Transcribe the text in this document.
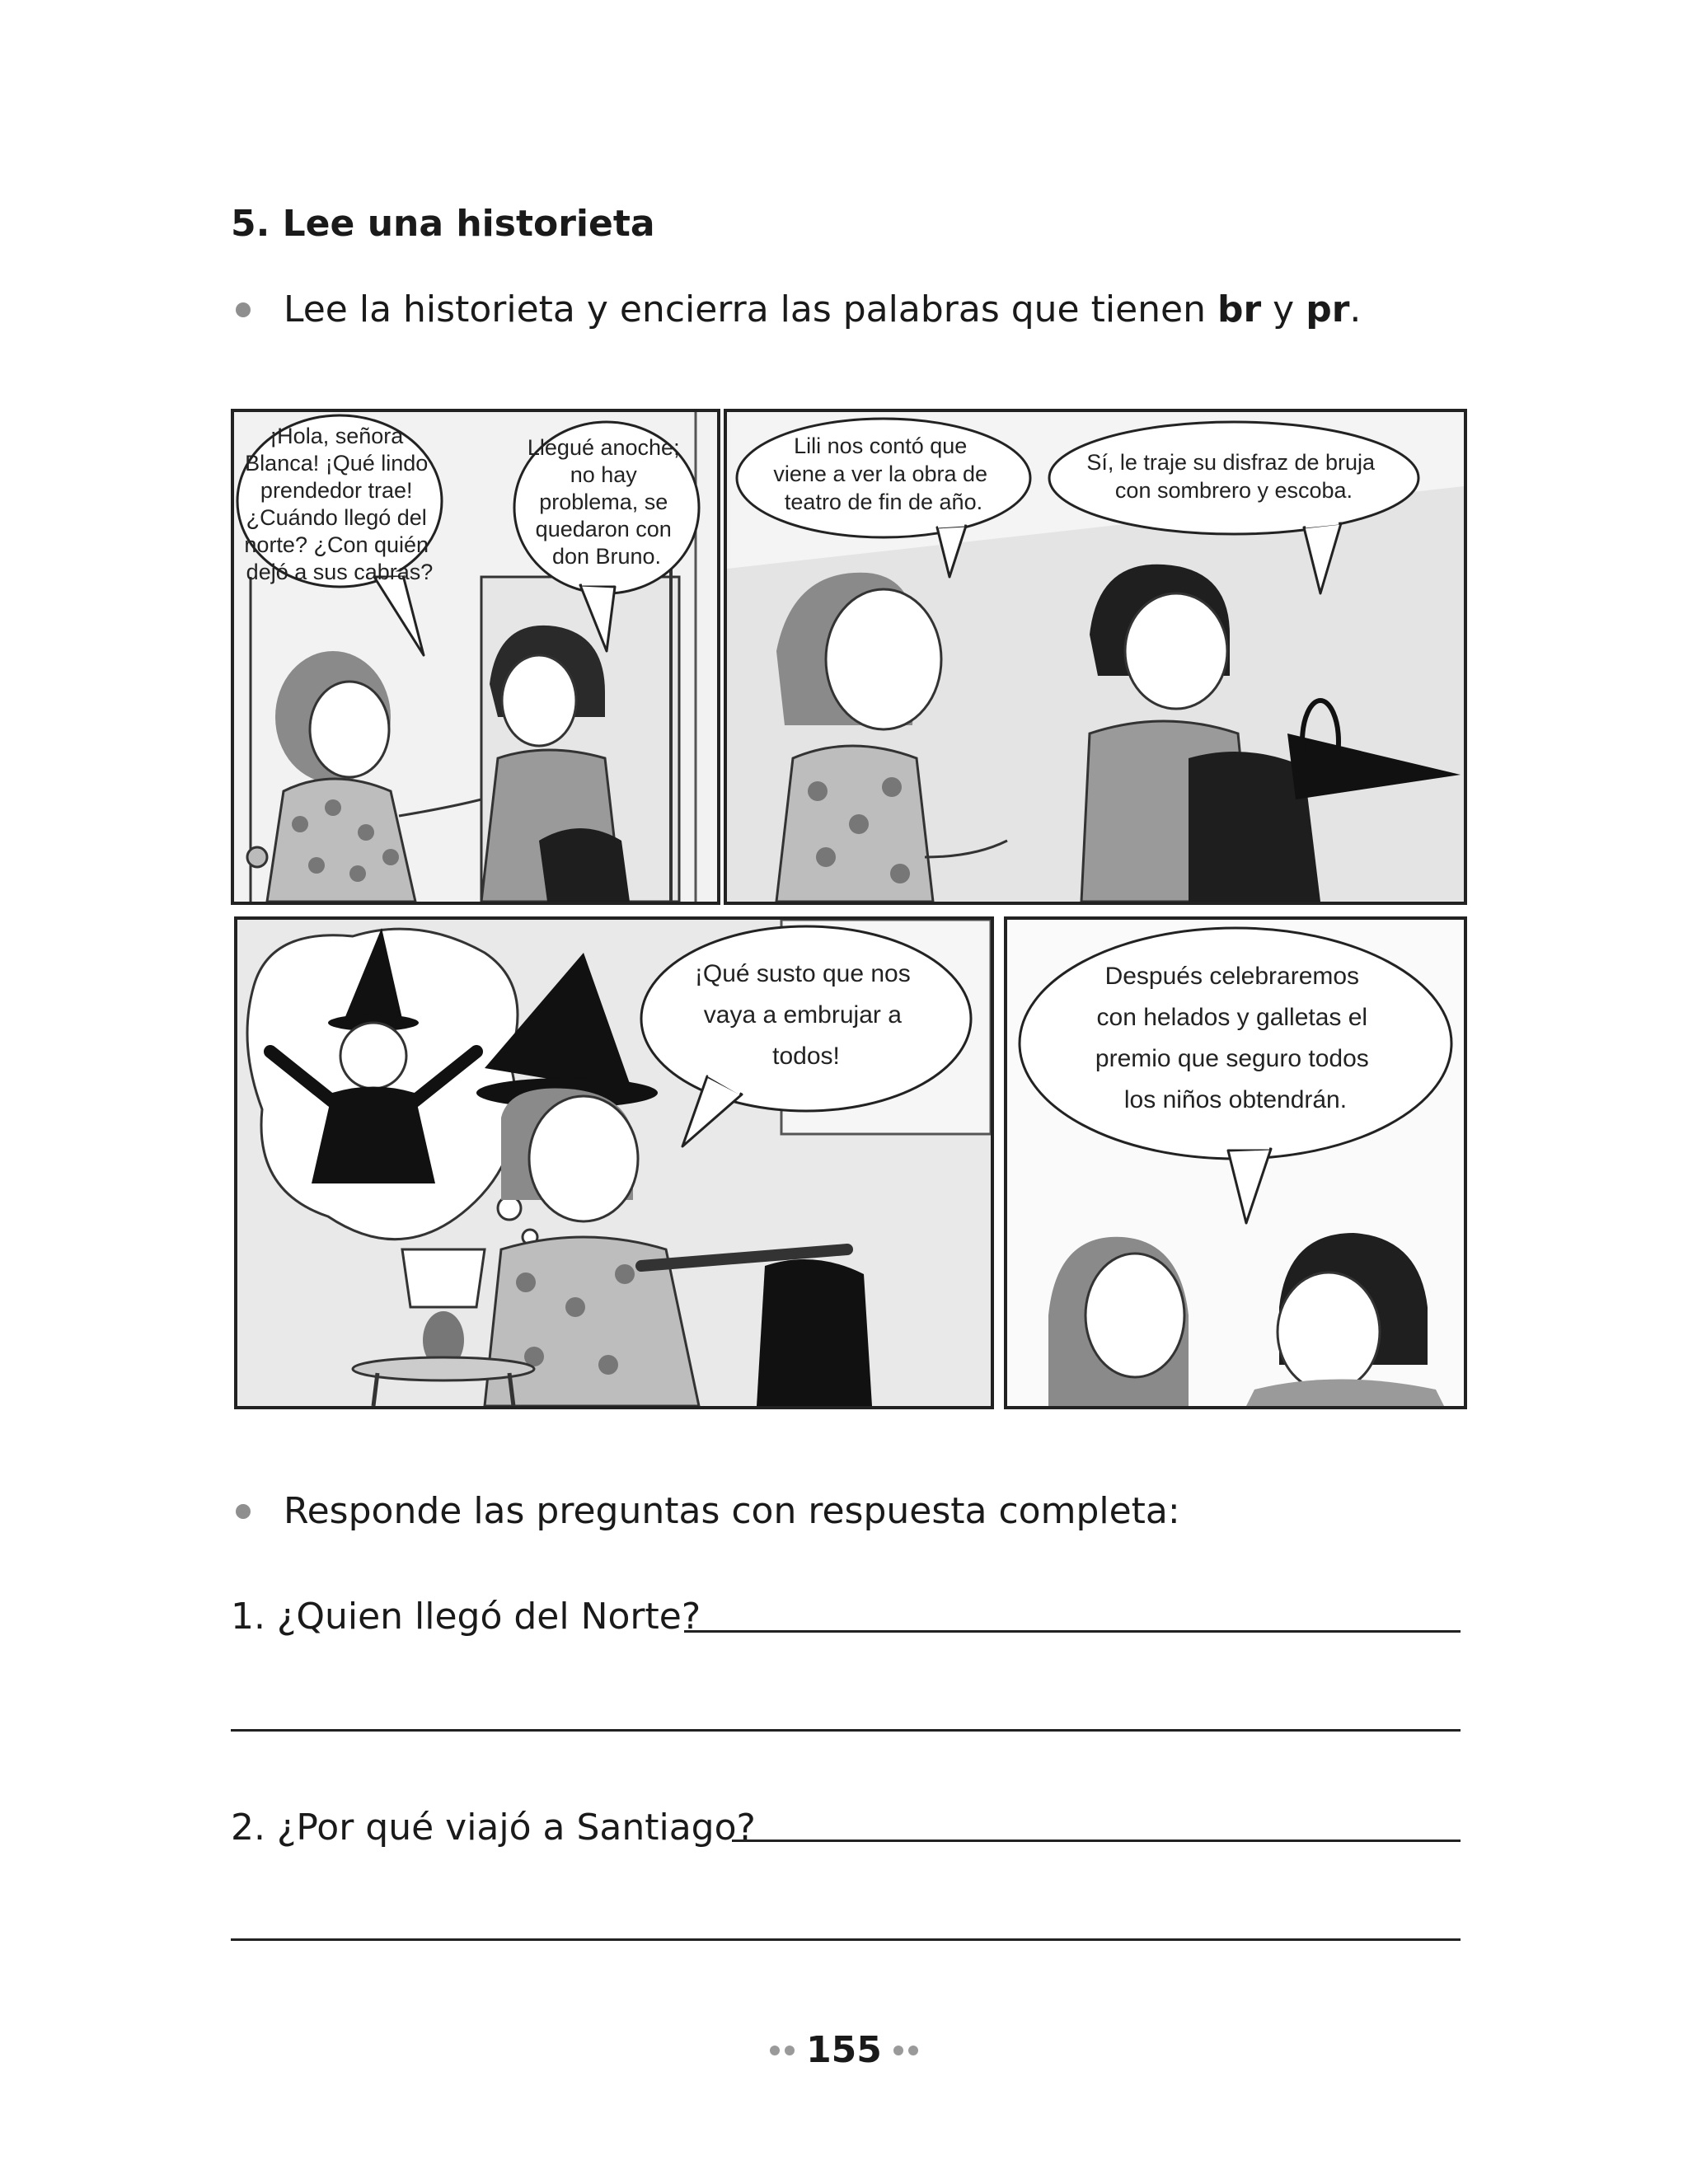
5. Lee una historieta
Lee la historieta y encierra las palabras que tienen br y pr.
¡Hola, señora Blanca! ¡Qué lindo prendedor trae! ¿Cuándo llegó del norte? ¿Con quién dejó a sus cabras?
Llegué anoche; no hay problema, se quedaron con don Bruno.
Lili nos contó que viene a ver la obra de teatro de fin de año.
Sí, le traje su disfraz de bruja con sombrero y escoba.
¡Qué susto que nos vaya a embrujar a todos!
Después celebraremos con helados y galletas el premio que seguro todos los niños obtendrán.
Responde las preguntas con respuesta completa:
1. ¿Quien llegó del Norte?
2. ¿Por qué viajó a Santiago?
155
